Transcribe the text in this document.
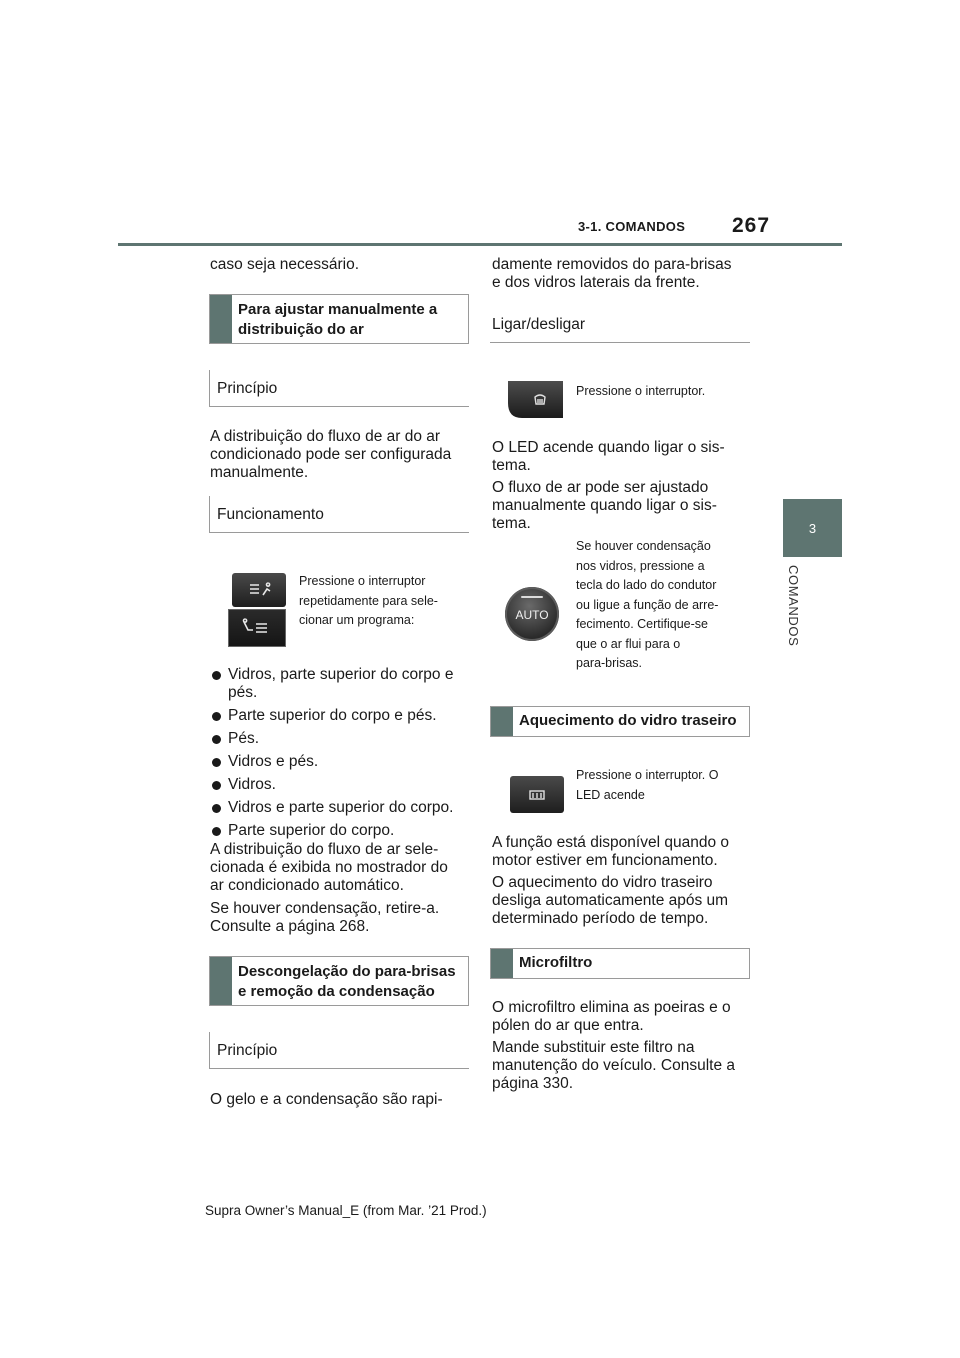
3-1. COMANDOS 267
3
COMANDOS
caso seja necessário.
Para ajustar manualmente a
distribuição do ar
Princípio

A distribuição do fluxo de ar do ar

condicionado pode ser configurada

manualmente.

Funcionamento
Pressione o interruptor
repetidamente para sele-
cionar um programa:
Vidros, parte superior do corpo e
pés.
Parte superior do corpo e pés.
Pés.
Vidros e pés.
Vidros.
Vidros e parte superior do corpo.
Parte superior do corpo.

A distribuição do fluxo de ar sele-

cionada é exibida no mostrador do

ar condicionado automático.

Se houver condensação, retire-a.

Consulte a página 268.

Descongelação do para-brisas
e remoção da condensação
Princípio
O gelo e a condensação são rapi-

damente removidos do para-brisas

e dos vidros laterais da frente.

Ligar/desligar
Pressione o interruptor.

O LED acende quando ligar o sis-

tema.

O fluxo de ar pode ser ajustado

manualmente quando ligar o sis-

tema.

AUTO
Se houver condensação
nos vidros, pressione a
tecla do lado do condutor
ou ligue a função de arre-
fecimento. Certifique-se
que o ar flui para o
para-brisas.
Aquecimento do vidro traseiro
Pressione o interruptor. O
LED acende

A função está disponível quando o

motor estiver em funcionamento.

O aquecimento do vidro traseiro

desliga automaticamente após um

determinado período de tempo.

Microfiltro

O microfiltro elimina as poeiras e o

pólen do ar que entra.

Mande substituir este filtro na

manutenção do veículo. Consulte a

página 330.

Supra Owner’s Manual_E (from Mar. ’21 Prod.)
